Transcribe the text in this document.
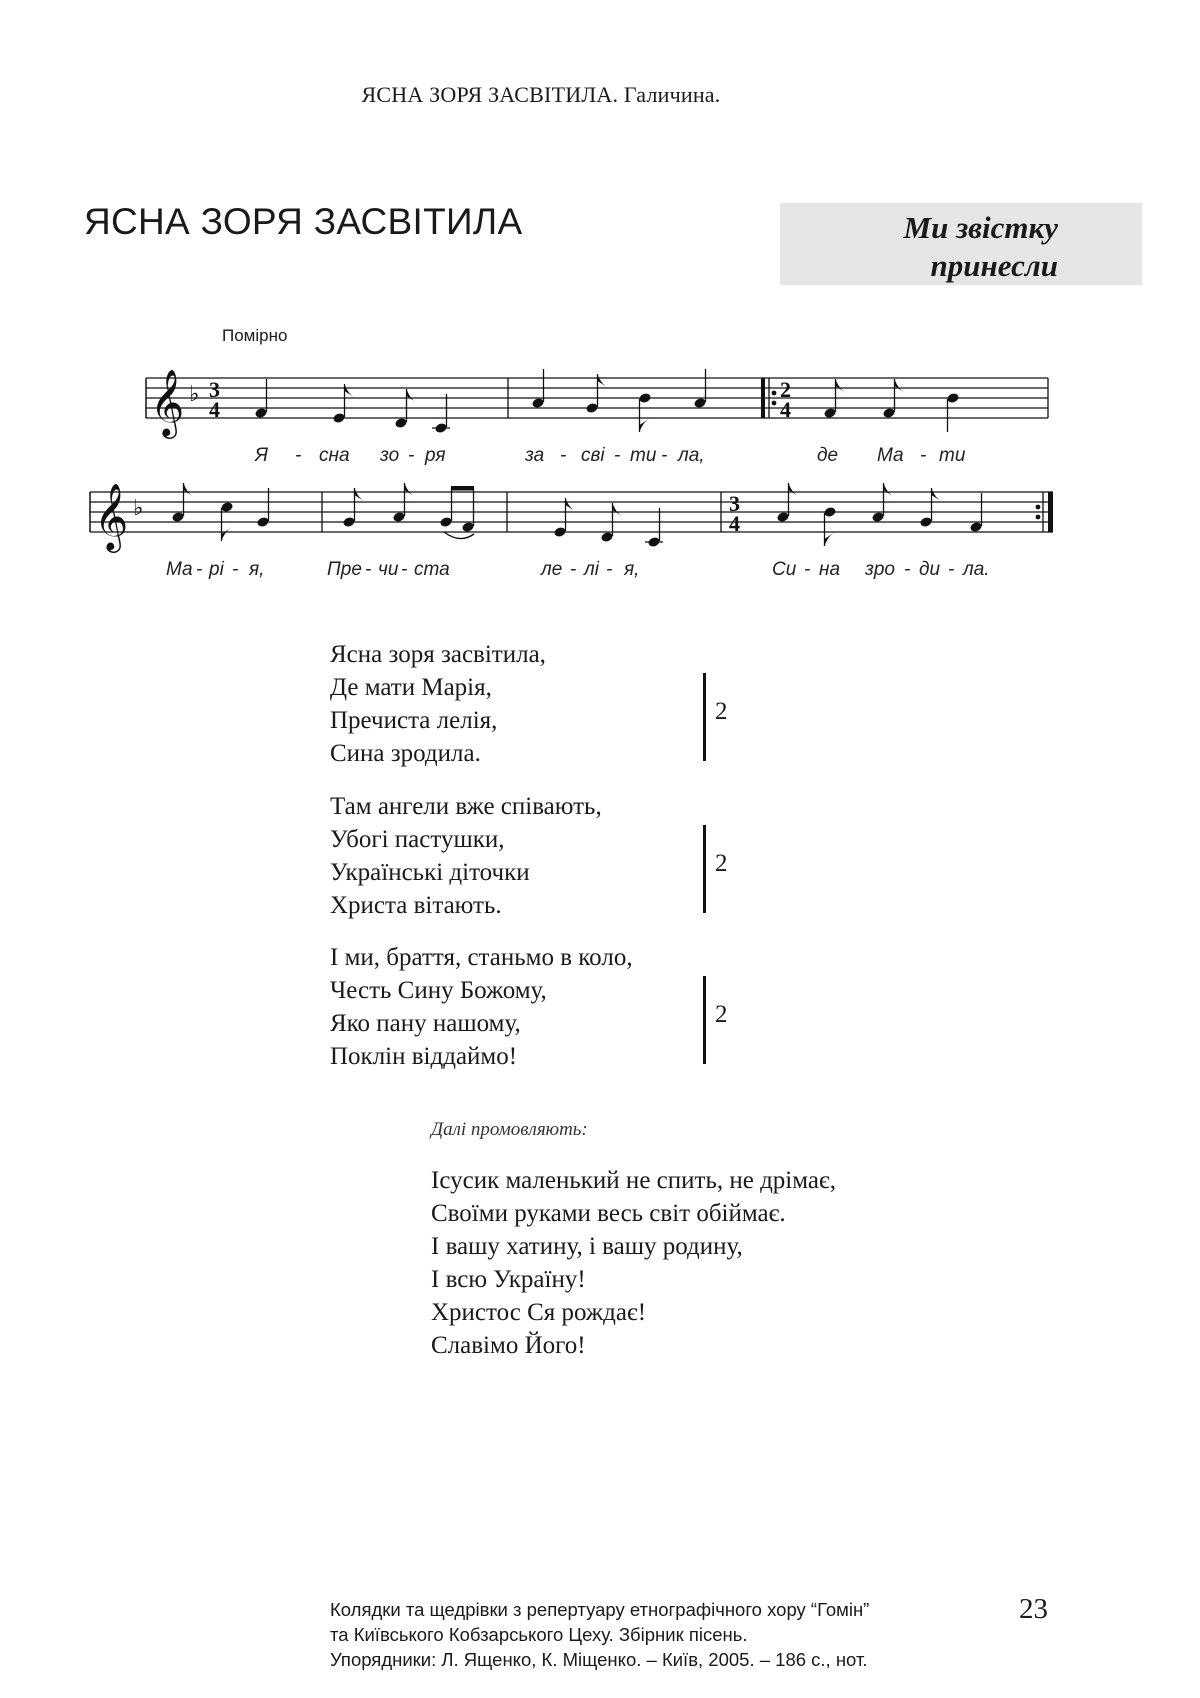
ЯСНА ЗОРЯ ЗАСВІТИЛА. Галичина.
ЯСНА ЗОРЯ ЗАСВІТИЛА	Ми звістку
принесли
Помірно
𝄞 ♭ 3
4
2
4
Я - сна зо - ря	за - сві - ти - ла,	де Ма - ти
𝄞 ♭	3
4
Ма - рі - я,	Пре - чи - ста	ле - лі - я,	Си - на зро - ди - ла.
Ясна зоря засвітила,
Де мати Марія,
Пречиста лелія,
Сина зродила.
2
Там ангели вже співають,
Убогі пастушки,
Українські діточки
Христа вітають.
2
І ми, браття, станьмо в коло,
Честь Сину Божому,
Яко пану нашому,
Поклін віддаймо!
2
Далі промовляють:
Ісусик маленький не спить, не дрімає,
Своїми руками весь світ обіймає.
І вашу хатину, і вашу родину,
І всю Україну!
Христос Ся рождає!
Славімо Його!
Колядки та щедрівки з репертуару етнографічного хору “Гомін”
та Київського Кобзарського Цеху. Збірник пісень.
Упорядники: Л. Ященко, К. Міщенко. – Київ, 2005. – 186 с., нот.
23
